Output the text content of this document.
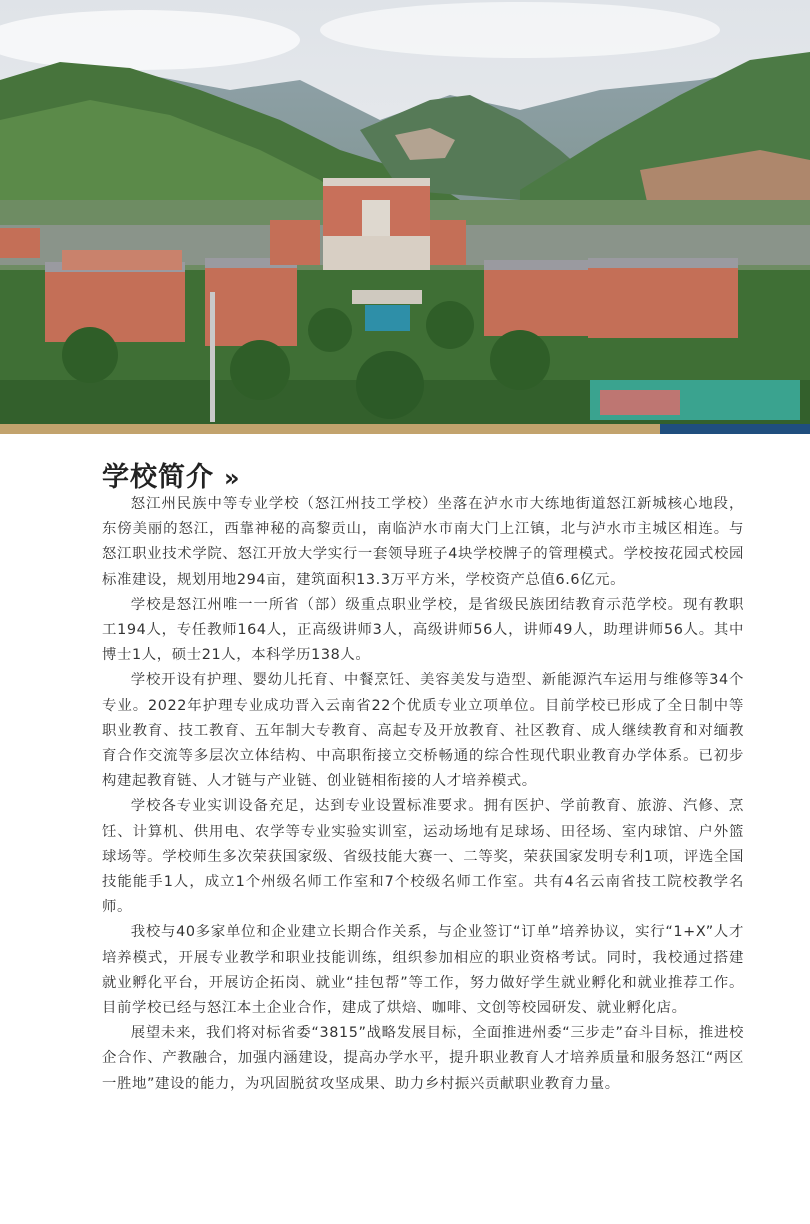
学校简介 »

怒江州民族中等专业学校（怒江州技工学校）坐落在泸水市大练地街道怒江新城核心地段，东傍美丽的怒江，西靠神秘的高黎贡山，南临泸水市南大门上江镇，北与泸水市主城区相连。与怒江职业技术学院、怒江开放大学实行一套领导班子4块学校牌子的管理模式。学校按花园式校园标准建设，规划用地294亩，建筑面积13.3万平方米，学校资产总值6.6亿元。

学校是怒江州唯一一所省（部）级重点职业学校，是省级民族团结教育示范学校。现有教职工194人，专任教师164人，正高级讲师3人，高级讲师56人，讲师49人，助理讲师56人。其中博士1人，硕士21人，本科学历138人。

学校开设有护理、婴幼儿托育、中餐烹饪、美容美发与造型、新能源汽车运用与维修等34个专业。2022年护理专业成功晋入云南省22个优质专业立项单位。目前学校已形成了全日制中等职业教育、技工教育、五年制大专教育、高起专及开放教育、社区教育、成人继续教育和对缅教育合作交流等多层次立体结构、中高职衔接立交桥畅通的综合性现代职业教育办学体系。已初步构建起教育链、人才链与产业链、创业链相衔接的人才培养模式。

学校各专业实训设备充足，达到专业设置标准要求。拥有医护、学前教育、旅游、汽修、烹饪、计算机、供用电、农学等专业实验实训室，运动场地有足球场、田径场、室内球馆、户外篮球场等。学校师生多次荣获国家级、省级技能大赛一、二等奖，荣获国家发明专利1项，评选全国技能能手1人，成立1个州级名师工作室和7个校级名师工作室。共有4名云南省技工院校教学名师。

我校与40多家单位和企业建立长期合作关系，与企业签订“订单”培养协议，实行“1+X”人才培养模式，开展专业教学和职业技能训练，组织参加相应的职业资格考试。同时，我校通过搭建就业孵化平台，开展访企拓岗、就业“挂包帮”等工作，努力做好学生就业孵化和就业推荐工作。目前学校已经与怒江本土企业合作，建成了烘焙、咖啡、文创等校园研发、就业孵化店。

展望未来，我们将对标省委“3815”战略发展目标，全面推进州委“三步走”奋斗目标，推进校企合作、产教融合，加强内涵建设，提高办学水平，提升职业教育人才培养质量和服务怒江“两区一胜地”建设的能力，为巩固脱贫攻坚成果、助力乡村振兴贡献职业教育力量。
